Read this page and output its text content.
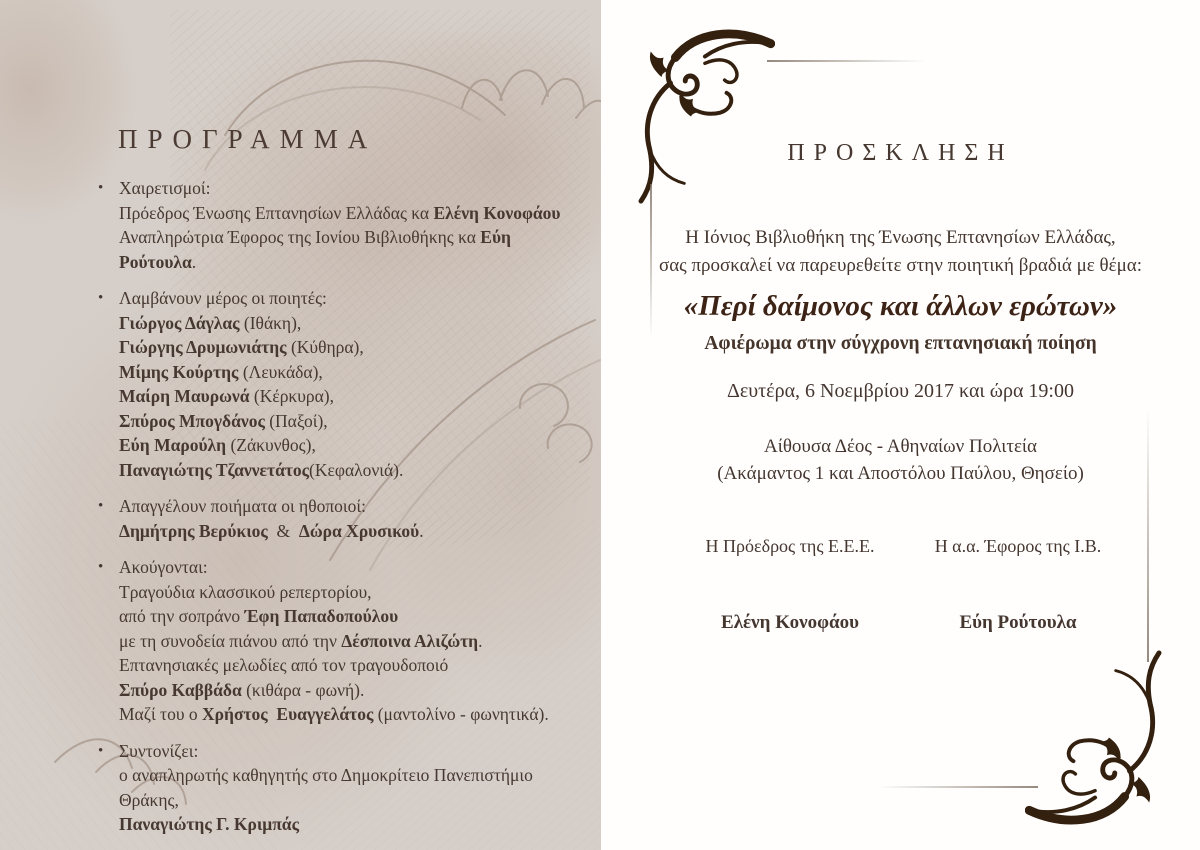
ΠΡΟΓΡΑΜΜΑ
• Χαιρετισμοί:
Πρόεδρος Ένωσης Επτανησίων Ελλάδας κα Ελένη Κονοφάου
Αναπληρώτρια Έφορος της Ιονίου Βιβλιοθήκης κα Εύη Ρούτουλα.
• Λαμβάνουν μέρος οι ποιητές:
Γιώργος Δάγλας (Ιθάκη),
Γιώργης Δρυμωνιάτης (Κύθηρα),
Μίμης Κούρτης (Λευκάδα),
Μαίρη Μαυρωνά (Κέρκυρα),
Σπύρος Μπογδάνος (Παξοί),
Εύη Μαρούλη (Ζάκυνθος),
Παναγιώτης Τζαννετάτος(Κεφαλονιά).
• Απαγγέλουν ποιήματα οι ηθοποιοί:
Δημήτρης Βερύκιος  &  Δώρα Χρυσικού.
• Ακούγονται:
Τραγούδια κλασσικού ρεπερτορίου,
από την σοπράνο Έφη Παπαδοπούλου
με τη συνοδεία πιάνου από την Δέσποινα Αλιζώτη.
Επτανησιακές μελωδίες από τον τραγουδοποιό
Σπύρο Καββάδα (κιθάρα - φωνή).
Μαζί του ο Χρήστος  Ευαγγελάτος (μαντολίνο - φωνητικά).
• Συντονίζει:
ο αναπληρωτής καθηγητής στο Δημοκρίτειο Πανεπιστήμιο Θράκης,
Παναγιώτης Γ. Κριμπάς
ΠΡΟΣΚΛΗΣΗ
Η Ιόνιος Βιβλιοθήκη της Ένωσης Επτανησίων Ελλάδας,
σας προσκαλεί να παρευρεθείτε στην ποιητική βραδιά με θέμα:
«Περί δαίμονος και άλλων ερώτων»
Αφιέρωμα στην σύγχρονη επτανησιακή ποίηση
Δευτέρα, 6 Νοεμβρίου 2017 και ώρα 19:00
Αίθουσα Δέος - Αθηναίων Πολιτεία
(Ακάμαντος 1 και Αποστόλου Παύλου, Θησείο)
Η Πρόεδρος της Ε.Ε.Ε.	Η α.α. Έφορος της Ι.Β.
Ελένη Κονοφάου	Εύη Ρούτουλα
